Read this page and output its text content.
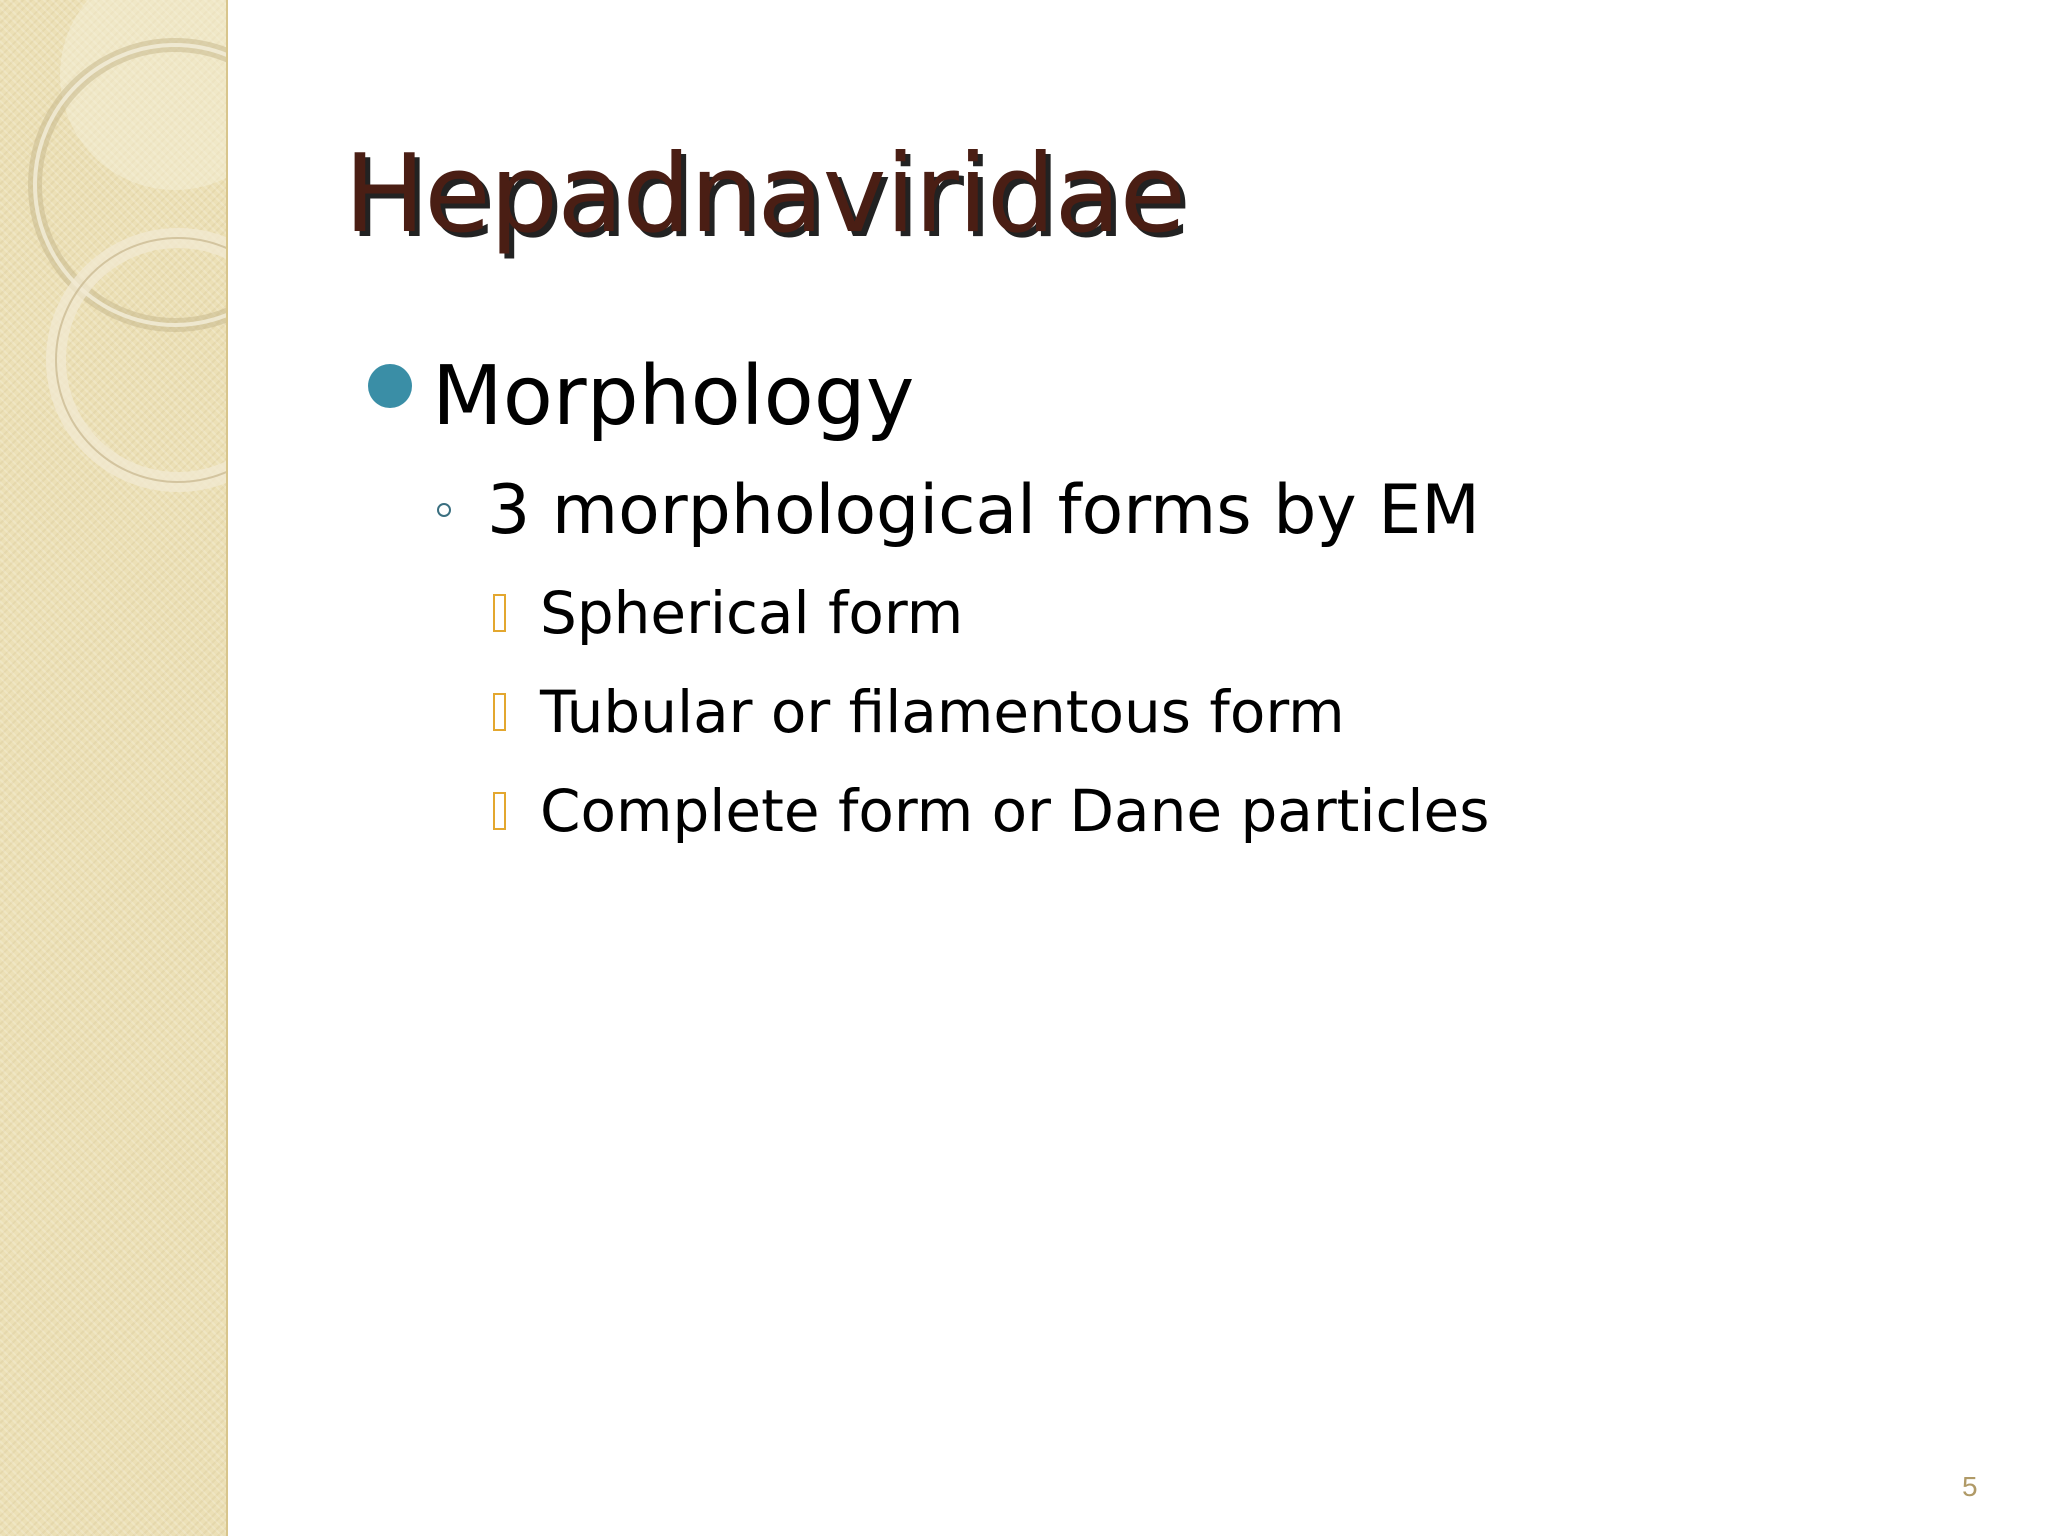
Hepadnaviridae
Morphology
3 morphological forms by EM
Spherical form
Tubular or filamentous form
Complete form or Dane particles
5
